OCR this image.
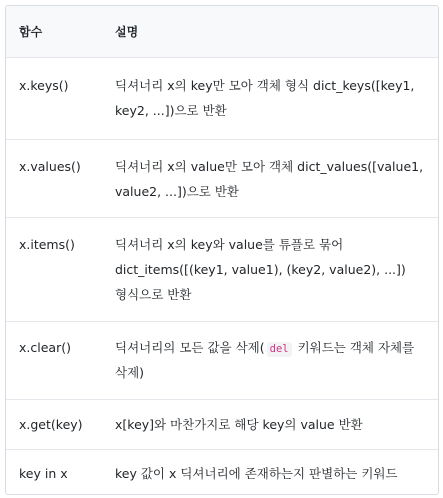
함수	설명
x.keys()	딕셔너리 x의 key만 모아 객체 형식 dict_keys([key1,
key2, ...])으로 반환
x.values()	딕셔너리 x의 value만 모아 객체 dict_values([value1,
value2, ...])으로 반환
x.items()	딕셔너리 x의 key와 value를 튜플로 묶어
dict_items([(key1, value1), (key2, value2), ...])
형식으로 반환
x.clear()	딕셔너리의 모든 값을 삭제( del 키워드는 객체 자체를
삭제)
x.get(key)	x[key]와 마찬가지로 해당 key의 value 반환
key in x	key 값이 x 딕셔너리에 존재하는지 판별하는 키워드
